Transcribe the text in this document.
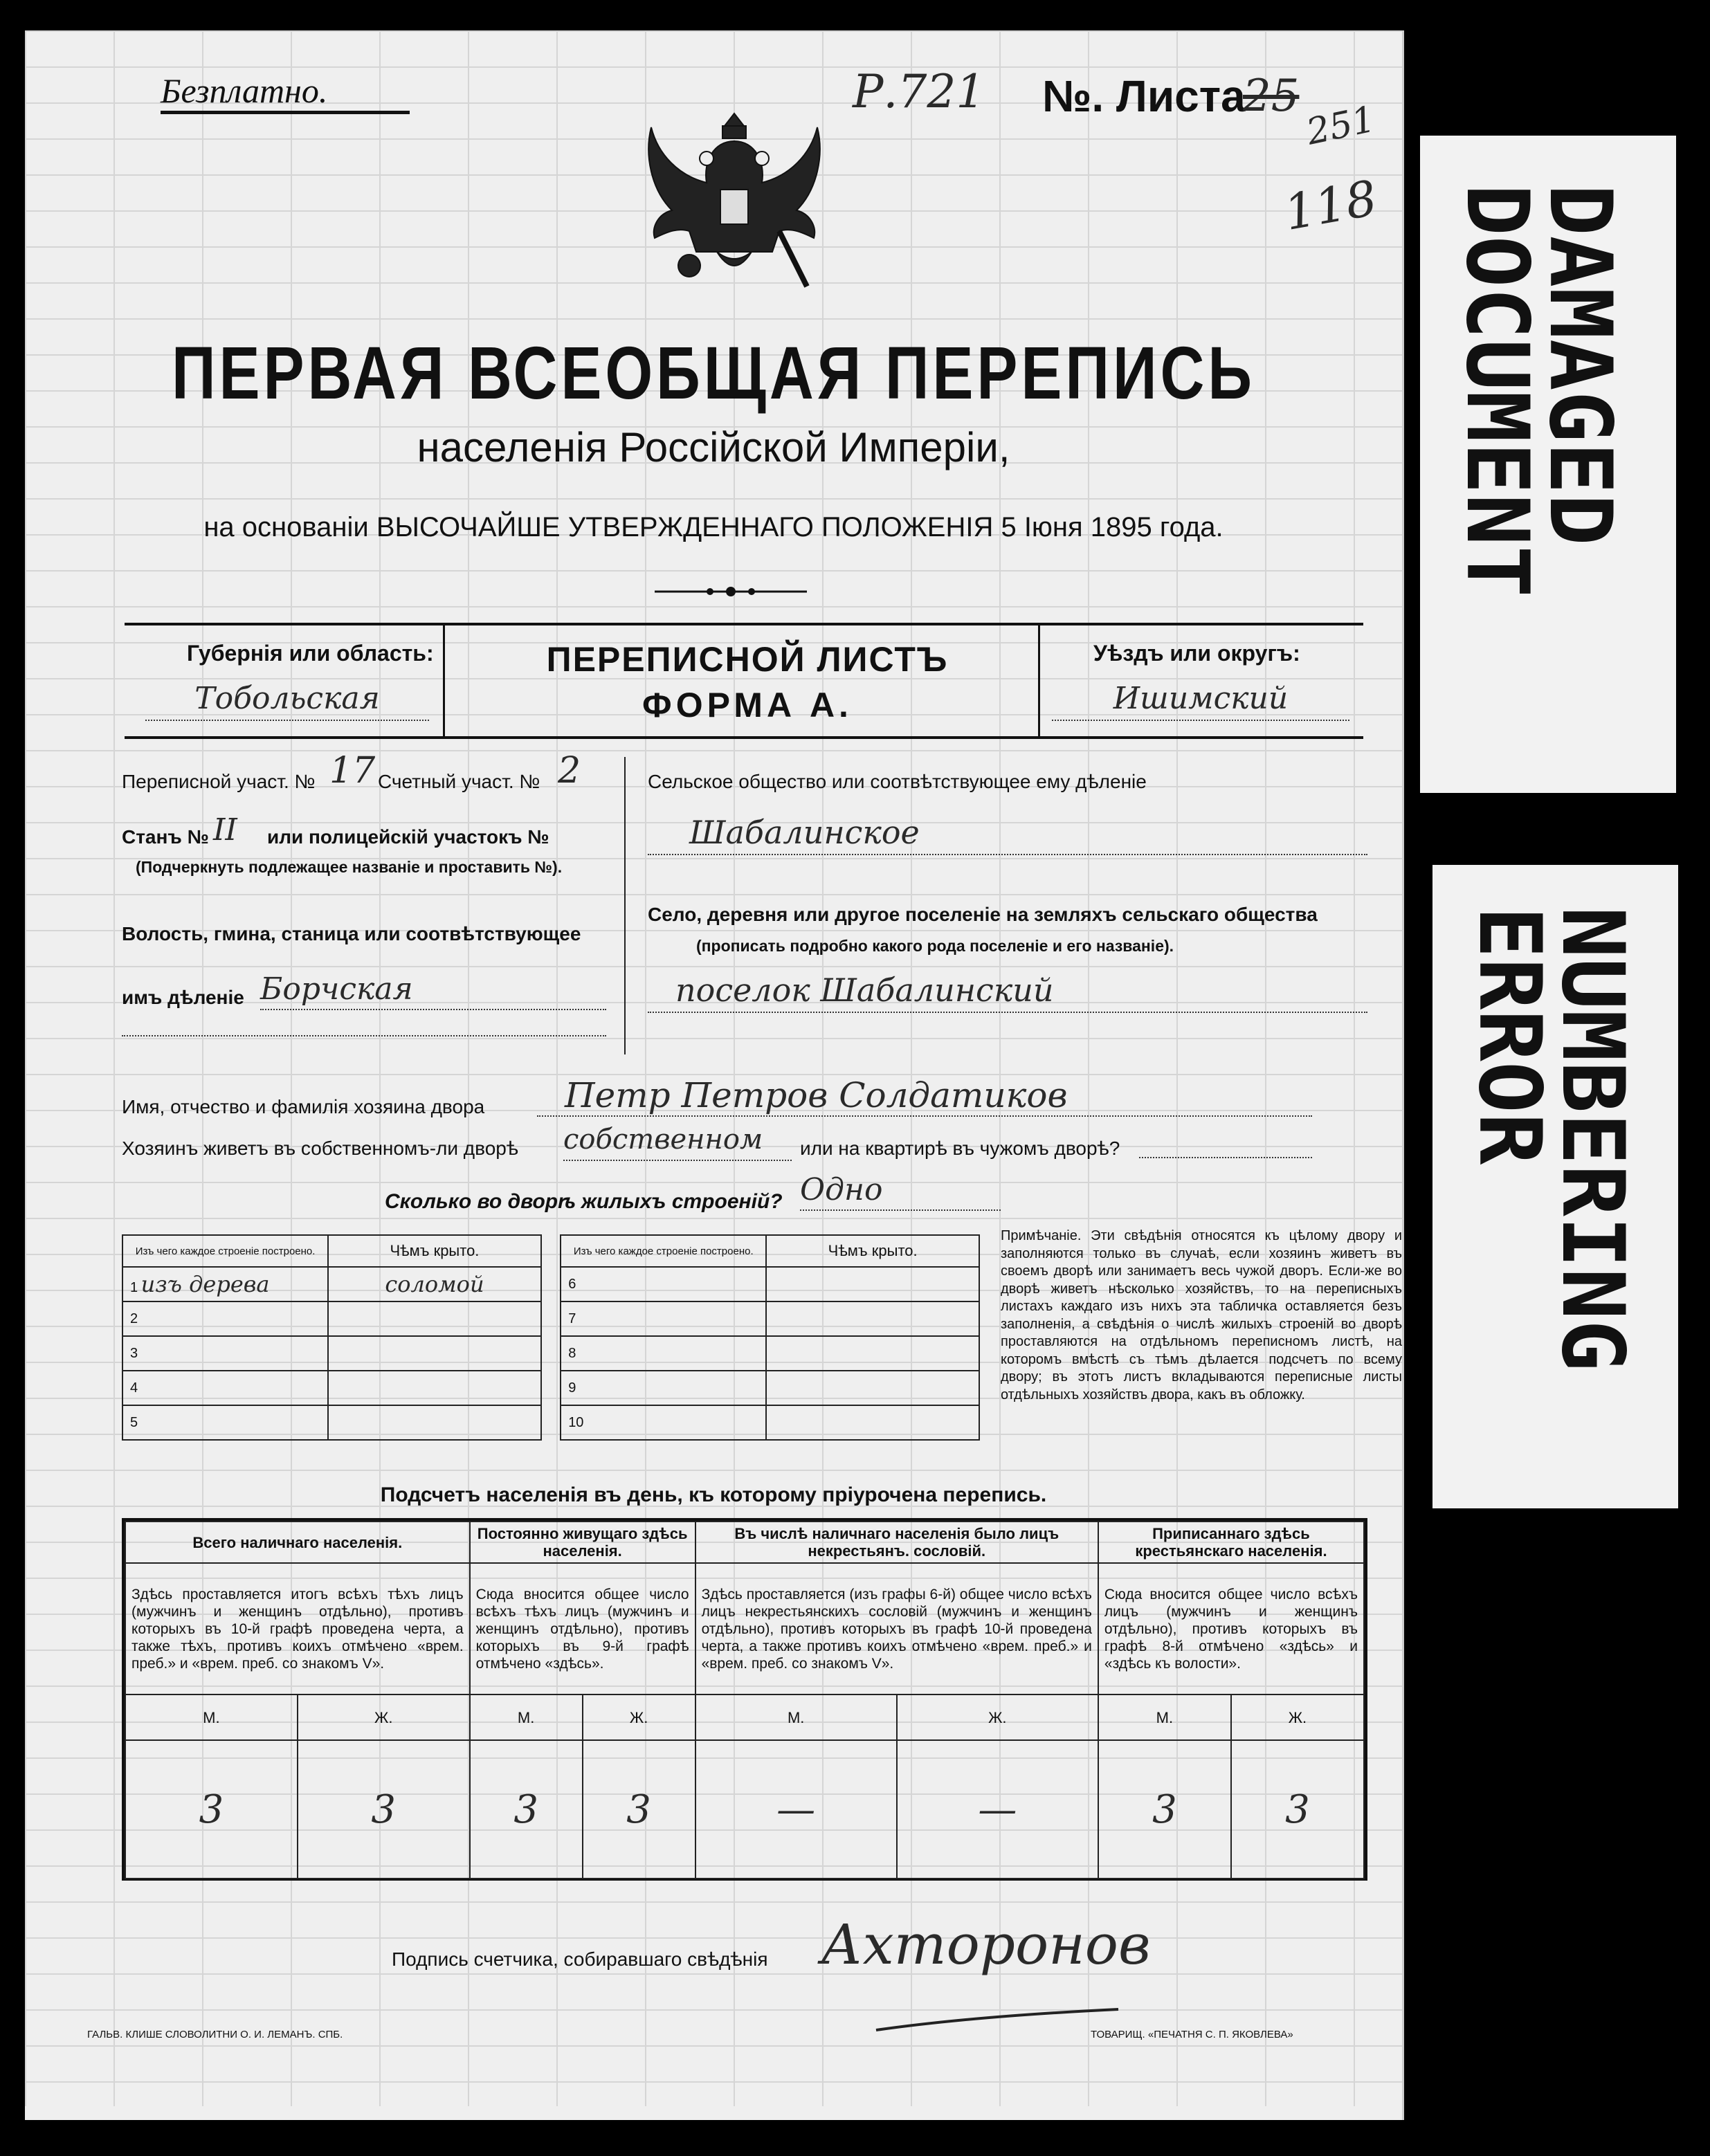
Безплатно.	Р.721 №. Листа
25
251
118
ПЕРВАЯ ВСЕОБЩАЯ ПЕРЕПИСЬ
населенія Россійской Имперіи,
на основаніи ВЫСОЧАЙШЕ УТВЕРЖДЕННАГО ПОЛОЖЕНІЯ 5 Іюня 1895 года.
Губернія или область:
Тобольская
ПЕРЕПИСНОЙ ЛИСТЪ
ФОРМА А.
Уѣздъ или округъ:
Ишимский
Переписной участ. № 17 Счетный участ. № 2
Станъ № II или полицейскій участокъ №
(Подчеркнуть подлежащее названіе и проставить №).
Волость, гмина, станица или соотвѣтствующее
имъ дѣленіе Борчская
Сельское общество или соотвѣтствующее ему дѣленіе
Шабалинское
Село, деревня или другое поселеніе на земляхъ сельскаго общества
(прописать подробно какого рода поселеніе и его названіе).
поселок Шабалинский
Имя, отчество и фамилія хозяина двора	Петр Петров Солдатиков
Хозяинъ живетъ въ собственномъ-ли дворѣ собственном	или на квартирѣ въ чужомъ дворѣ?
Сколько во дворѣ жилыхъ строеній? Одно
Изъ чего каждое строеніе построено.	Чѣмъ крыто.		Изъ чего каждое строеніе построено.	Чѣмъ крыто.
1 изъ дерева	соломой		6	
2			7	
3			8	
4			9	
5			10	
Примѣчаніе. Эти свѣдѣнія относятся къ цѣлому двору и заполняются только въ случаѣ, если хозяинъ живетъ въ своемъ дворѣ или занимаетъ весь чужой дворъ. Если-же во дворѣ живетъ нѣсколько хозяйствъ, то на переписныхъ листахъ каждаго изъ нихъ эта табличка оставляется безъ заполненія, а свѣдѣнія о числѣ жилыхъ строеній во дворѣ проставляются на отдѣльномъ переписномъ листѣ, на которомъ вмѣстѣ съ тѣмъ дѣлается подсчетъ по всему двору; въ этотъ листъ вкладываются переписные листы отдѣльныхъ хозяйствъ двора, какъ въ обложку.
Подсчетъ населенія въ день, къ которому пріурочена перепись.
Всего наличнаго населенія.		Постоянно живущаго здѣсь населенія.		Въ числѣ наличнаго населенія было лицъ некрестьянъ. сословій.		Приписаннаго здѣсь крестьянскаго населенія.	
Здѣсь проставляется итогъ всѣхъ тѣхъ лицъ (мужчинъ и женщинъ отдѣльно), противъ которыхъ въ 10-й графѣ проведена черта, а также тѣхъ, противъ коихъ отмѣчено «врем. преб.» и «врем. преб. со знакомъ V».		Сюда вносится общее число всѣхъ тѣхъ лицъ (мужчинъ и женщинъ отдѣльно), противъ которыхъ въ 9-й графѣ отмѣчено «здѣсь».		Здѣсь проставляется (изъ графы 6-й) общее число всѣхъ лицъ некрестьянскихъ сословій (мужчинъ и женщинъ отдѣльно), противъ которыхъ въ графѣ 10-й проведена черта, а также противъ коихъ отмѣчено «врем. преб.» и «врем. преб. со знакомъ V».		Сюда вносится общее число всѣхъ лицъ (мужчинъ и женщинъ отдѣльно), противъ которыхъ въ графѣ 8-й отмѣчено «здѣсь» и «здѣсь къ волости».	
М.	Ж.	М.	Ж.	М.	Ж.	М.	Ж.
3	3	3	3	—	—	3	3
Подпись счетчика, собиравшаго свѣдѣнія Ахторонов
ГАЛЬВ. КЛИШЕ СЛОВОЛИТНИ О. И. ЛЕМАНЪ. СПБ.	ТОВАРИЩ. «ПЕЧАТНЯ С. П. ЯКОВЛЕВА»
DAMAGED
DOCUMENT
NUMBERING
ERROR
